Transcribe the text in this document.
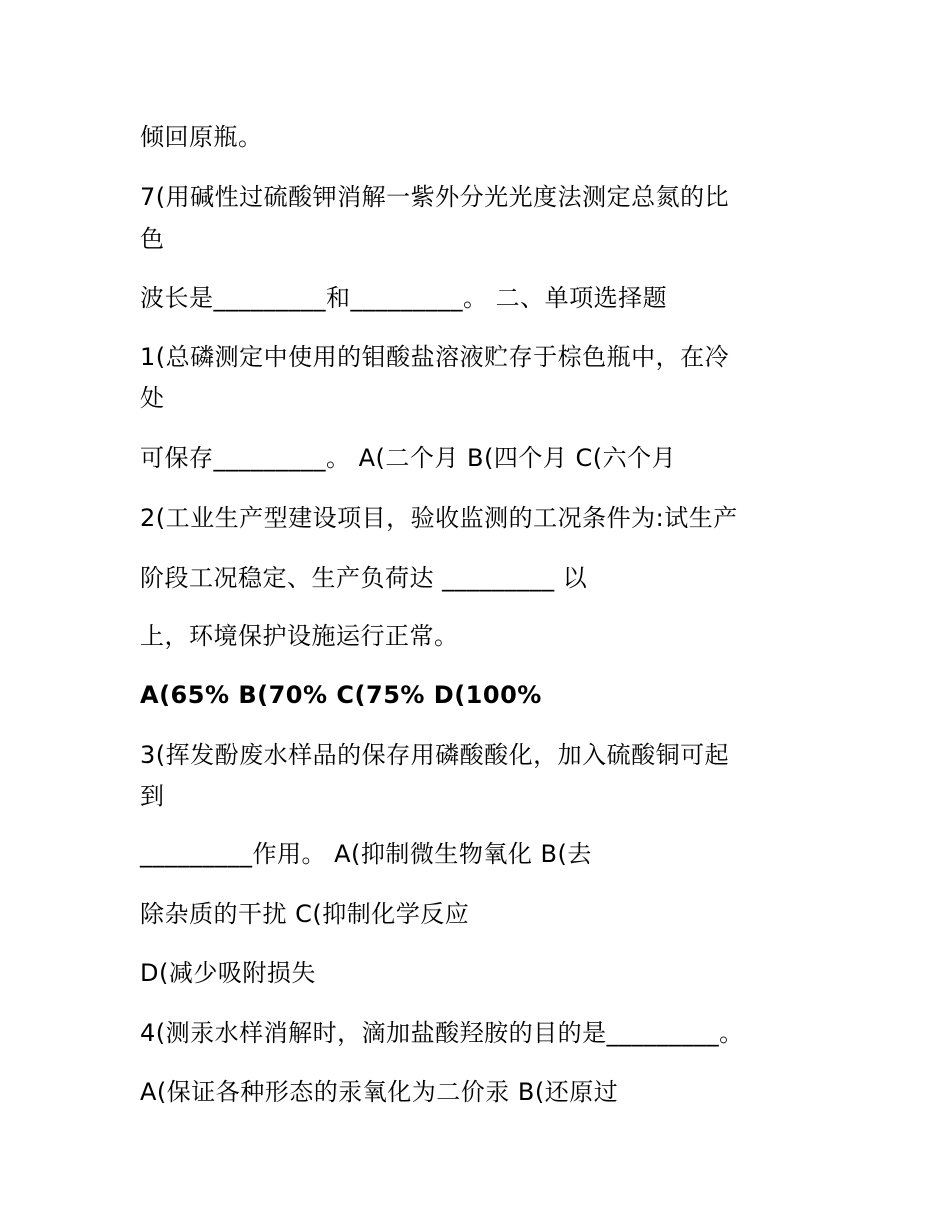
倾回原瓶。
7(用碱性过硫酸钾消解一紫外分光光度法测定总氮的比
色
波长是_________和_________。 二、单项选择题
1(总磷测定中使用的钼酸盐溶液贮存于棕色瓶中，在冷
处
可保存_________。 A(二个月 B(四个月 C(六个月
2(工业生产型建设项目，验收监测的工况条件为:试生产
阶段工况稳定、生产负荷达 _________ 以
上，环境保护设施运行正常。
A(65% B(70% C(75% D(100%
3(挥发酚废水样品的保存用磷酸酸化，加入硫酸铜可起
到
_________作用。 A(抑制微生物氧化 B(去
除杂质的干扰 C(抑制化学反应
D(减少吸附损失
4(测汞水样消解时，滴加盐酸羟胺的目的是_________。
A(保证各种形态的汞氧化为二价汞 B(还原过
